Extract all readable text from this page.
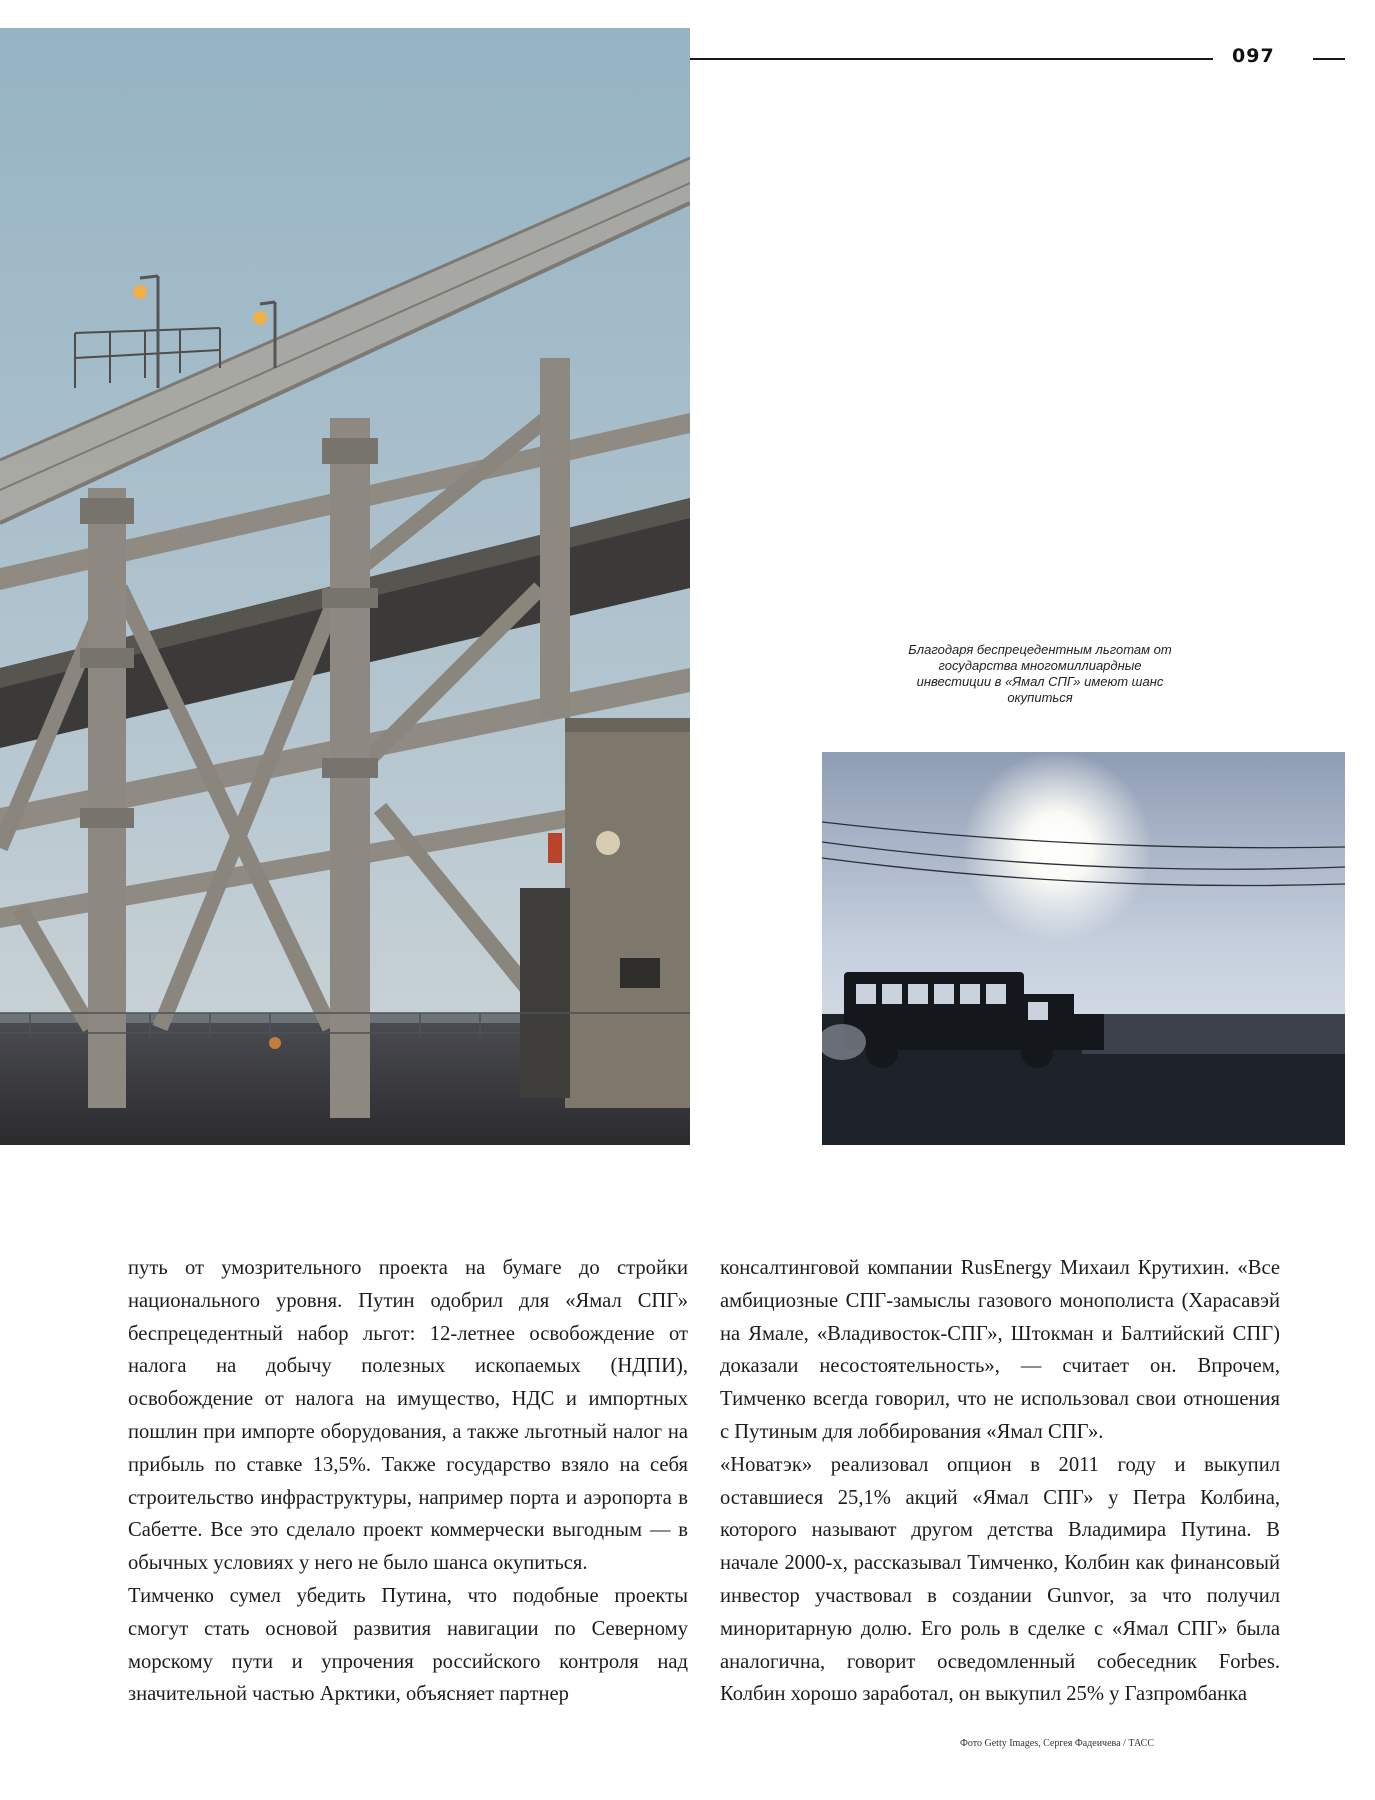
097
Благодаря беспрецедентным льготам от государства многомиллиардные инвестиции в «Ямал СПГ» имеют шанс окупиться

путь от умозрительного проекта на бумаге до стройки национального уровня. Путин одобрил для «Ямал СПГ» беспрецедентный набор льгот: 12-летнее освобождение от налога на добычу полезных ископаемых (НДПИ), освобождение от налога на имущество, НДС и импортных пошлин при импорте оборудования, а также льготный налог на прибыль по ставке 13,5%. Также государство взяло на себя строительство инфраструктуры, например порта и аэропорта в Сабетте. Все это сделало проект коммерчески выгодным — в обычных условиях у него не было шанса окупиться.

Тимченко сумел убедить Путина, что подобные проекты смогут стать основой развития навигации по Северному морскому пути и упрочения российского контроля над значительной частью Арктики, объясняет партнер

консалтинговой компании RusEnergy Михаил Крутихин. «Все амбициозные СПГ-замыслы газового монополиста (Харасавэй на Ямале, «Владивосток-СПГ», Штокман и Балтийский СПГ) доказали несостоятельность», — считает он. Впрочем, Тимченко всегда говорил, что не использовал свои отношения с Путиным для лоббирования «Ямал СПГ».

«Новатэк» реализовал опцион в 2011 году и выкупил оставшиеся 25,1% акций «Ямал СПГ» у Петра Колбина, которого называют другом детства Владимира Путина. В начале 2000-х, рассказывал Тимченко, Колбин как финансовый инвестор участвовал в создании Gunvor, за что получил миноритарную долю. Его роль в сделке с «Ямал СПГ» была аналогична, говорит осведомленный собеседник Forbes. Колбин хорошо заработал, он выкупил 25% у Газпромбанка

Фото Getty Images, Сергея Фадеичева / ТАСС
